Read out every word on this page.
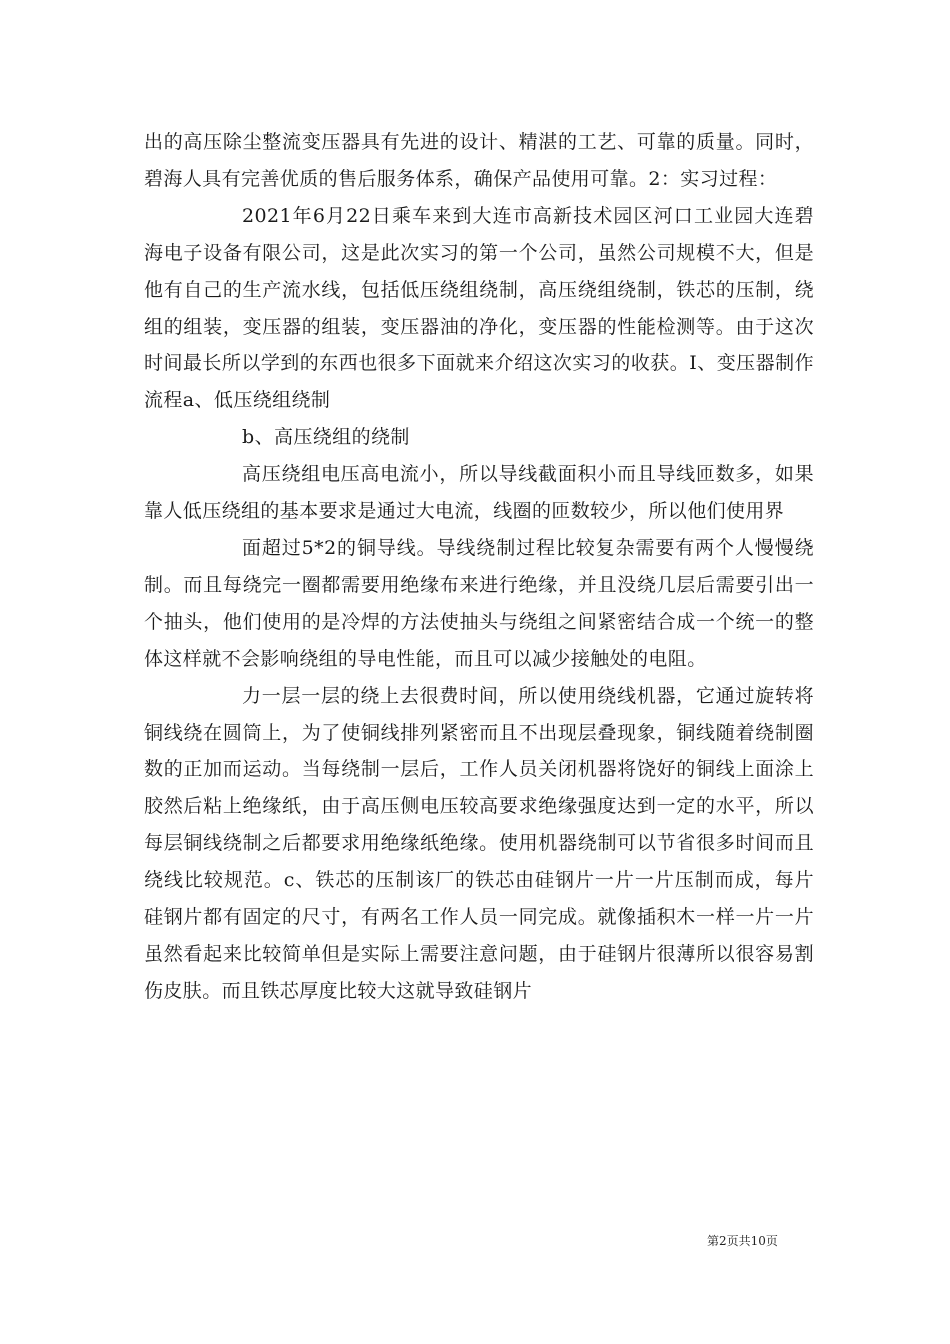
出的高压除尘整流变压器具有先进的设计、精湛的工艺、可靠的质量。同时，碧海人具有完善优质的售后服务体系，确保产品使用可靠。2：实习过程：

2021年6月22日乘车来到大连市高新技术园区河口工业园大连碧海电子设备有限公司，这是此次实习的第一个公司，虽然公司规模不大，但是他有自己的生产流水线，包括低压绕组绕制，高压绕组绕制，铁芯的压制，绕组的组装，变压器的组装，变压器油的净化，变压器的性能检测等。由于这次时间最长所以学到的东西也很多下面就来介绍这次实习的收获。Ⅰ、变压器制作流程a、低压绕组绕制

b、高压绕组的绕制

高压绕组电压高电流小，所以导线截面积小而且导线匝数多，如果靠人低压绕组的基本要求是通过大电流，线圈的匝数较少，所以他们使用界

面超过5*2的铜导线。导线绕制过程比较复杂需要有两个人慢慢绕制。而且每绕完一圈都需要用绝缘布来进行绝缘，并且没绕几层后需要引出一个抽头，他们使用的是冷焊的方法使抽头与绕组之间紧密结合成一个统一的整体这样就不会影响绕组的导电性能，而且可以减少接触处的电阻。

力一层一层的绕上去很费时间，所以使用绕线机器，它通过旋转将铜线绕在圆筒上，为了使铜线排列紧密而且不出现层叠现象，铜线随着绕制圈数的正加而运动。当每绕制一层后，工作人员关闭机器将饶好的铜线上面涂上胶然后粘上绝缘纸，由于高压侧电压较高要求绝缘强度达到一定的水平，所以每层铜线绕制之后都要求用绝缘纸绝缘。使用机器绕制可以节省很多时间而且绕线比较规范。c、铁芯的压制该厂的铁芯由硅钢片一片一片压制而成，每片硅钢片都有固定的尺寸，有两名工作人员一同完成。就像插积木一样一片一片虽然看起来比较简单但是实际上需要注意问题，由于硅钢片很薄所以很容易割伤皮肤。而且铁芯厚度比较大这就导致硅钢片

第2页共10页
